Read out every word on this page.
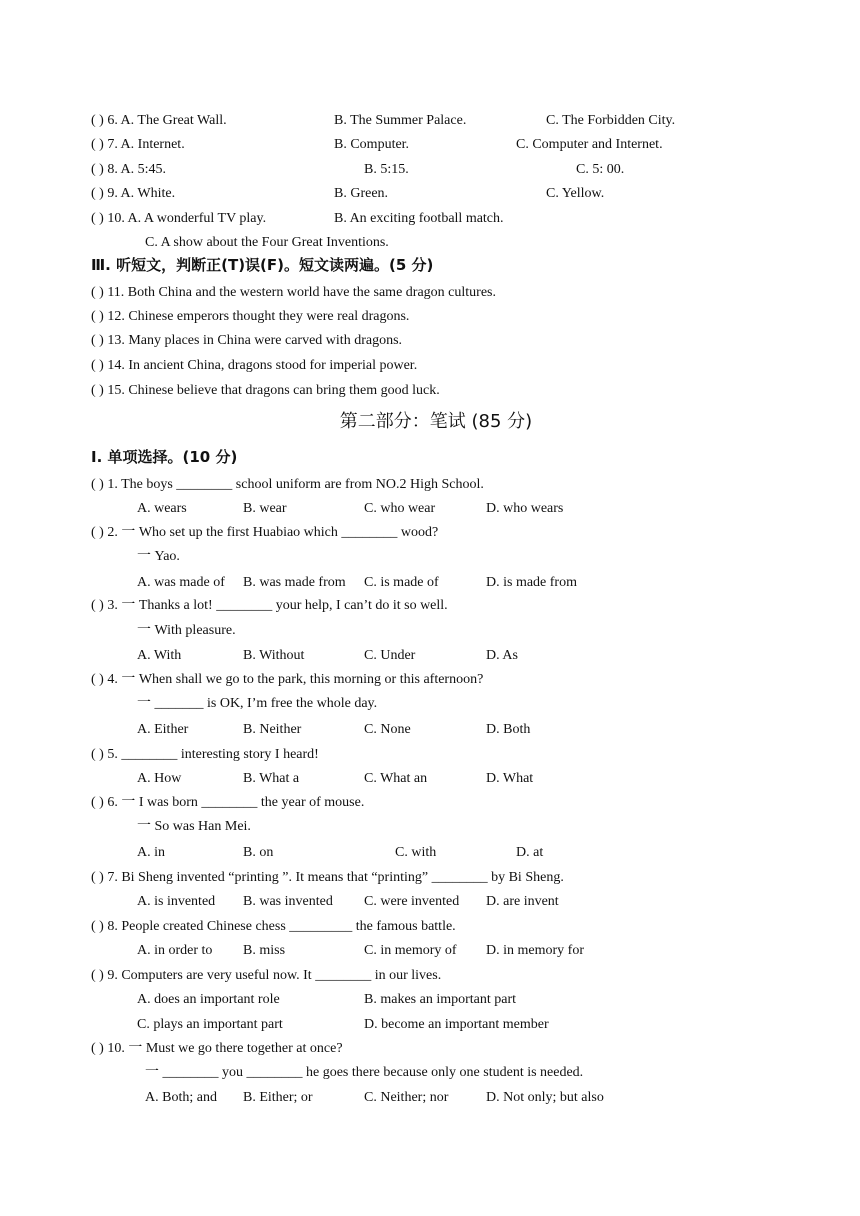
( ) 6. A. The Great Wall.	B. The Summer Palace.	C. The Forbidden City.
( ) 7. A. Internet.	B. Computer.	C. Computer and Internet.
( ) 8. A. 5:45.	B. 5:15.	C. 5: 00.
( ) 9. A. White.	B. Green.	C. Yellow.
( ) 10. A. A wonderful TV play.	B. An exciting football match.
C. A show about the Four Great Inventions.
Ⅲ. 听短文，判断正(T)误(F)。短文读两遍。(5 分)
( ) 11. Both China and the western world have the same dragon cultures.
( ) 12. Chinese emperors thought they were real dragons.
( ) 13. Many places in China were carved with dragons.
( ) 14. In ancient China, dragons stood for imperial power.
( ) 15. Chinese believe that dragons can bring them good luck.
第二部分：笔试 (85 分)
Ⅰ. 单项选择。(10 分)
( ) 1. The boys ________ school uniform are from NO.2 High School.
A. wears	B. wear	C. who wear	D. who wears
( ) 2. 一 Who set up the first Huabiao which ________ wood?
一 Yao.
A. was made of B. was made from C. is made of	D. is made from
( ) 3. 一 Thanks a lot! ________ your help, I can’t do it so well.
一 With pleasure.
A. With	B. Without	C. Under	D. As
( ) 4. 一 When shall we go to the park, this morning or this afternoon?
一 _______ is OK, I’m free the whole day.
A. Either	B. Neither	C. None	D. Both
( ) 5. ________ interesting story I heard!
A. How	B. What a	C. What an	D. What
( ) 6. 一 I was born ________ the year of mouse.
一 So was Han Mei.
A. in	B. on	C. with	D. at
( ) 7. Bi Sheng invented “printing ”. It means that “printing” ________ by Bi Sheng.
A. is invented B. was invented C. were invented D. are invent
( ) 8. People created Chinese chess _________ the famous battle.
A. in order to B. miss	C. in memory of D. in memory for
( ) 9. Computers are very useful now. It ________ in our lives.
A. does an important role	B. makes an important part
C. plays an important part	D. become an important member
( ) 10. 一 Must we go there together at once?
一 ________ you ________ he goes there because only one student is needed.
A. Both; and B. Either; or	C. Neither; nor	D. Not only; but also
